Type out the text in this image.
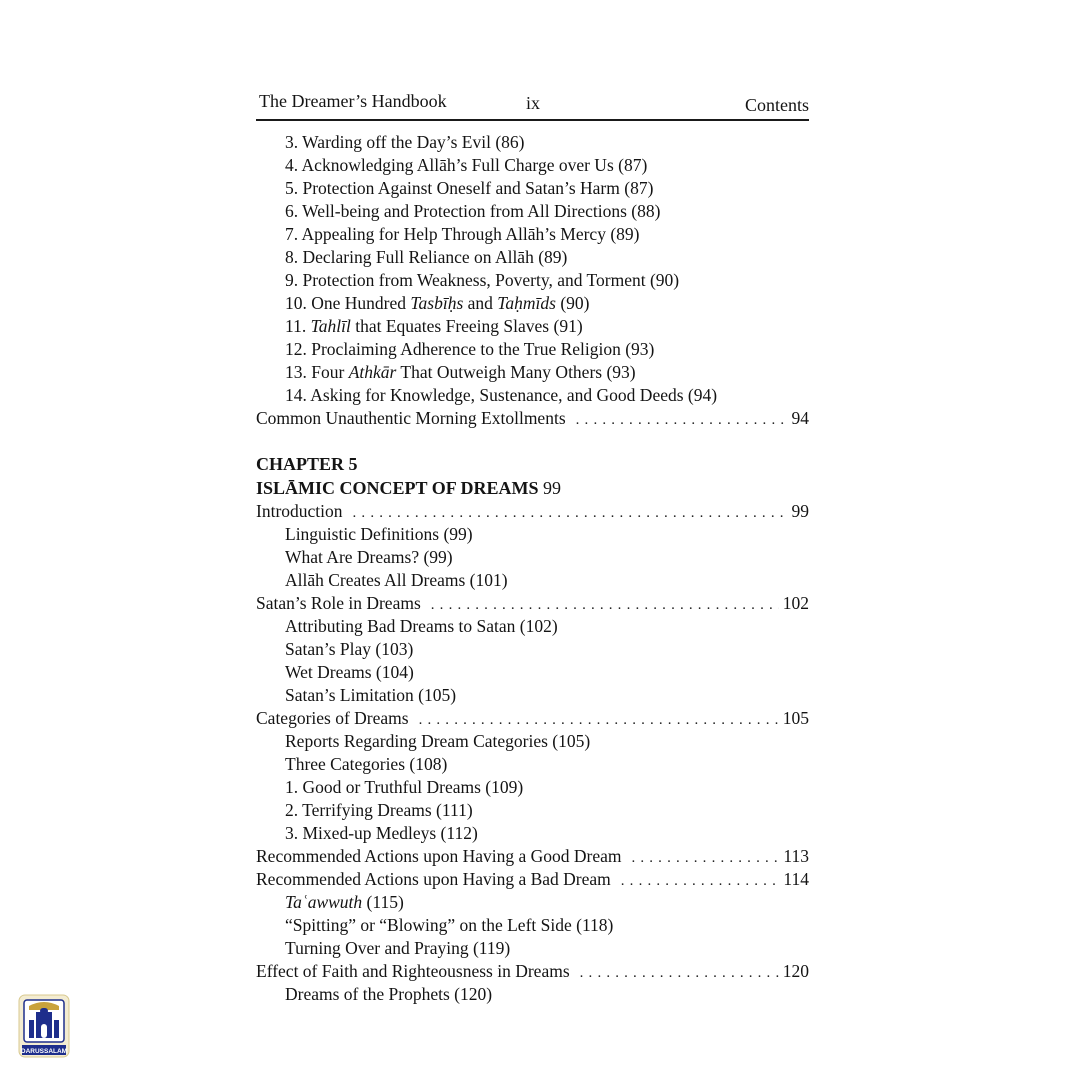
The Dreamer’s Handbook	ix	Contents
3. Warding off the Day’s Evil (86)
4. Acknowledging Allāh’s Full Charge over Us (87)
5. Protection Against Oneself and Satan’s Harm (87)
6. Well-being and Protection from All Directions (88)
7. Appealing for Help Through Allāh’s Mercy (89)
8. Declaring Full Reliance on Allāh (89)
9. Protection from Weakness, Poverty, and Torment (90)
10. One Hundred Tasbīḥs and Taḥmīds (90)
11. Tahlīl that Equates Freeing Slaves (91)
12. Proclaiming Adherence to the True Religion (93)
13. Four Athkār That Outweigh Many Others (93)
14. Asking for Knowledge, Sustenance, and Good Deeds (94)
Common Unauthentic Morning Extollments . . .	94
CHAPTER 5
ISLĀMIC CONCEPT OF DREAMS 99
Introduction . . .	99
Linguistic Definitions (99)
What Are Dreams? (99)
Allāh Creates All Dreams (101)
Satan’s Role in Dreams . . .	102
Attributing Bad Dreams to Satan (102)
Satan’s Play (103)
Wet Dreams (104)
Satan’s Limitation (105)
Categories of Dreams . . .	105
Reports Regarding Dream Categories (105)
Three Categories (108)
1. Good or Truthful Dreams (109)
2. Terrifying Dreams (111)
3. Mixed-up Medleys (112)
Recommended Actions upon Having a Good Dream . . .	113
Recommended Actions upon Having a Bad Dream . . .	114
Taʿawwuth (115)
“Spitting” or “Blowing” on the Left Side (118)
Turning Over and Praying (119)
Effect of Faith and Righteousness in Dreams . . .	120
Dreams of the Prophets (120)
DARUSSALAM
